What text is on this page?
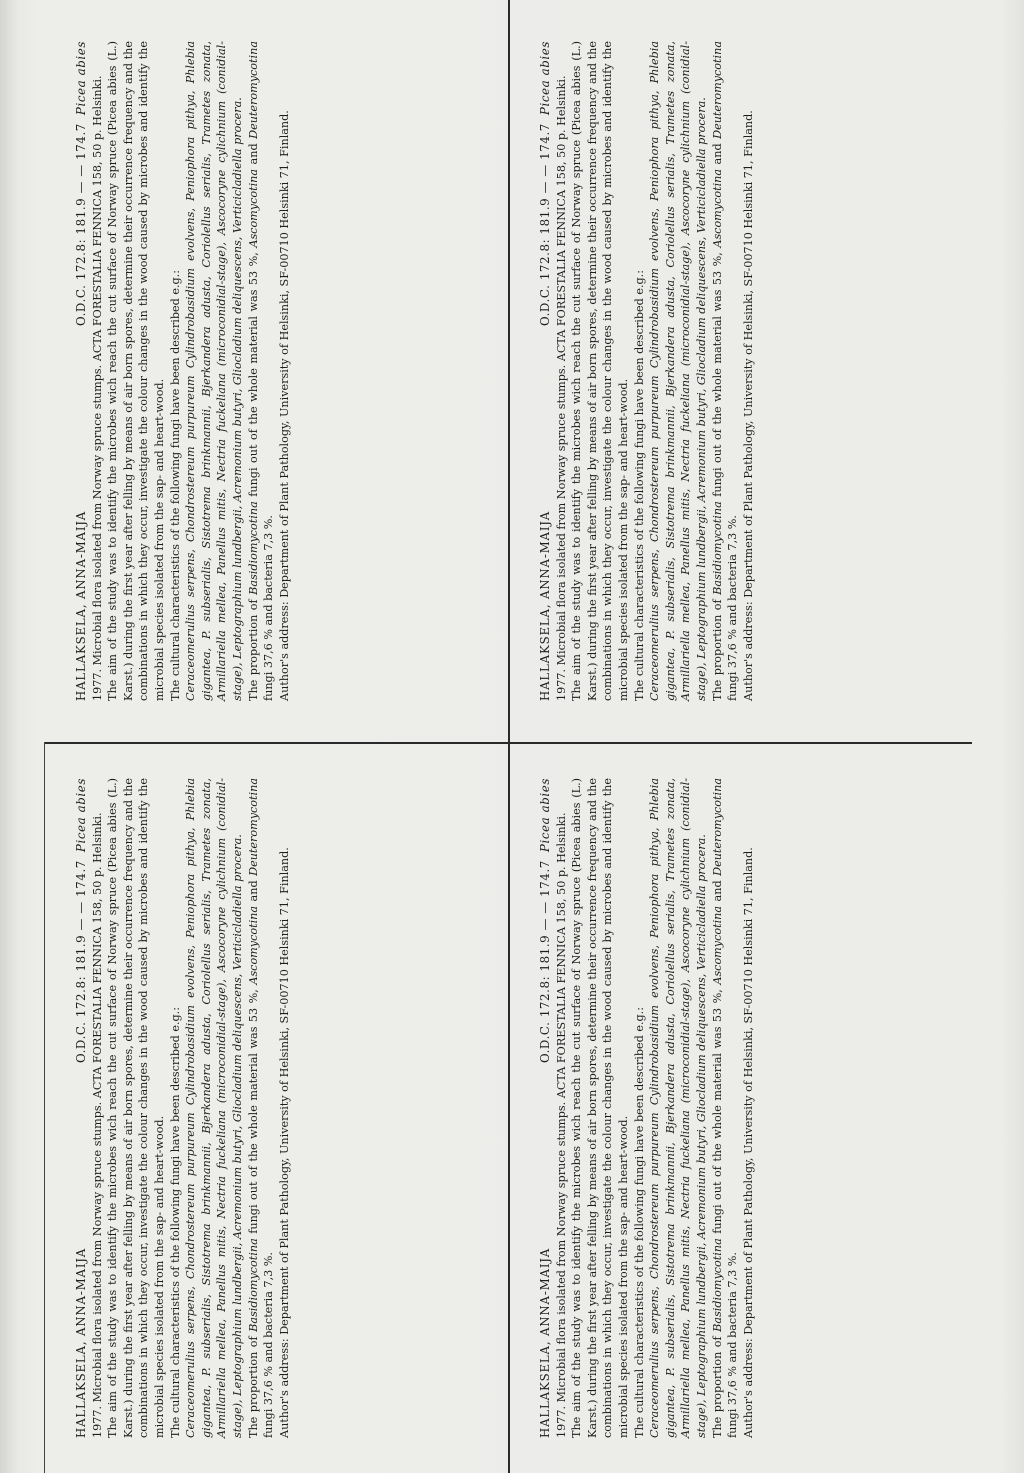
HALLAKSELA, ANNA-MAIJA
O.D.C. 172.8: 181.9 — — 174.7
Picea abies 1977. Microbial flora isolated from Norway spruce stumps. ACTA FORESTALIA FENNICA 158, 50 p. Helsinki. The aim of the study was to identify the microbes wich reach the cut surface of Norway spruce (Picea abies (L.) Karst.) during the first year after felling by means of air born spores, determine their occurrence frequency and the combinations in which they occur, investigate the colour changes in the wood caused by microbes and identify the microbial species isolated from the sap- and heart-wood. The cultural characteristics of the following fungi have been described e.g.: Ceraceomerulius serpens, Chondrostereum purpureum Cylindrobasidium evolvens, Peniophora pithya, Phlebia gigantea, P. subserialis, Sistotrema brinkmannii, Bjerkandera adusta, Coriolellus serialis, Trametes zonata, Armillariella mellea, Panellus mitis, Nectria fuckeliana (microconidial-stage), Ascocoryne cylichnium (conidial-stage), Leptographium lundbergii, Acremonium butyri, Gliocladium deliquescens, Verticicladiella procera. The proportion of Basidiomycotina fungi out of the whole material was 53 %, Ascomycotina and Deuteromycotina fungi 37,6 % and bacteria 7,3 %. Author's address: Department of Plant Pathology, University of Helsinki, SF-00710 Helsinki 71, Finland.	HALLAKSELA, ANNA-MAIJA
O.D.C. 172.8: 181.9 — — 174.7
Picea abies 1977. Microbial flora isolated from Norway spruce stumps. ACTA FORESTALIA FENNICA 158, 50 p. Helsinki. The aim of the study was to identify the microbes wich reach the cut surface of Norway spruce (Picea abies (L.) Karst.) during the first year after felling by means of air born spores, determine their occurrence frequency and the combinations in which they occur, investigate the colour changes in the wood caused by microbes and identify the microbial species isolated from the sap- and heart-wood. The cultural characteristics of the following fungi have been described e.g.: Ceraceomerulius serpens, Chondrostereum purpureum Cylindrobasidium evolvens, Peniophora pithya, Phlebia gigantea, P. subserialis, Sistotrema brinkmannii, Bjerkandera adusta, Coriolellus serialis, Trametes zonata, Armillariella mellea, Panellus mitis, Nectria fuckeliana (microconidial-stage), Ascocoryne cylichnium (conidial-stage), Leptographium lundbergii, Acremonium butyri, Gliocladium deliquescens, Verticicladiella procera. The proportion of Basidiomycotina fungi out of the whole material was 53 %, Ascomycotina and Deuteromycotina fungi 37,6 % and bacteria 7,3 %. Author's address: Department of Plant Pathology, University of Helsinki, SF-00710 Helsinki 71, Finland.

HALLAKSELA, ANNA-MAIJA
O.D.C. 172.8: 181.9 — — 174.7
Picea abies 1977. Microbial flora isolated from Norway spruce stumps. ACTA FORESTALIA FENNICA 158, 50 p. Helsinki. The aim of the study was to identify the microbes wich reach the cut surface of Norway spruce (Picea abies (L.) Karst.) during the first year after felling by means of air born spores, determine their occurrence frequency and the combinations in which they occur, investigate the colour changes in the wood caused by microbes and identify the microbial species isolated from the sap- and heart-wood. The cultural characteristics of the following fungi have been described e.g.: Ceraceomerulius serpens, Chondrostereum purpureum Cylindrobasidium evolvens, Peniophora pithya, Phlebia gigantea, P. subserialis, Sistotrema brinkmannii, Bjerkandera adusta, Coriolellus serialis, Trametes zonata, Armillariella mellea, Panellus mitis, Nectria fuckeliana (microconidial-stage), Ascocoryne cylichnium (conidial-stage), Leptographium lundbergii, Acremonium butyri, Gliocladium deliquescens, Verticicladiella procera. The proportion of Basidiomycotina fungi out of the whole material was 53 %, Ascomycotina and Deuteromycotina fungi 37,6 % and bacteria 7,3 %. Author's address: Department of Plant Pathology, University of Helsinki, SF-00710 Helsinki 71, Finland.	HALLAKSELA, ANNA-MAIJA
O.D.C. 172.8: 181.9 — — 174.7
Picea abies 1977. Microbial flora isolated from Norway spruce stumps. ACTA FORESTALIA FENNICA 158, 50 p. Helsinki. The aim of the study was to identify the microbes wich reach the cut surface of Norway spruce (Picea abies (L.) Karst.) during the first year after felling by means of air born spores, determine their occurrence frequency and the combinations in which they occur, investigate the colour changes in the wood caused by microbes and identify the microbial species isolated from the sap- and heart-wood. The cultural characteristics of the following fungi have been described e.g.: Ceraceomerulius serpens, Chondrostereum purpureum Cylindrobasidium evolvens, Peniophora pithya, Phlebia gigantea, P. subserialis, Sistotrema brinkmannii, Bjerkandera adusta, Coriolellus serialis, Trametes zonata, Armillariella mellea, Panellus mitis, Nectria fuckeliana (microconidial-stage), Ascocoryne cylichnium (conidial-stage), Leptographium lundbergii, Acremonium butyri, Gliocladium deliquescens, Verticicladiella procera. The proportion of Basidiomycotina fungi out of the whole material was 53 %, Ascomycotina and Deuteromycotina fungi 37,6 % and bacteria 7,3 %. Author's address: Department of Plant Pathology, University of Helsinki, SF-00710 Helsinki 71, Finland.
